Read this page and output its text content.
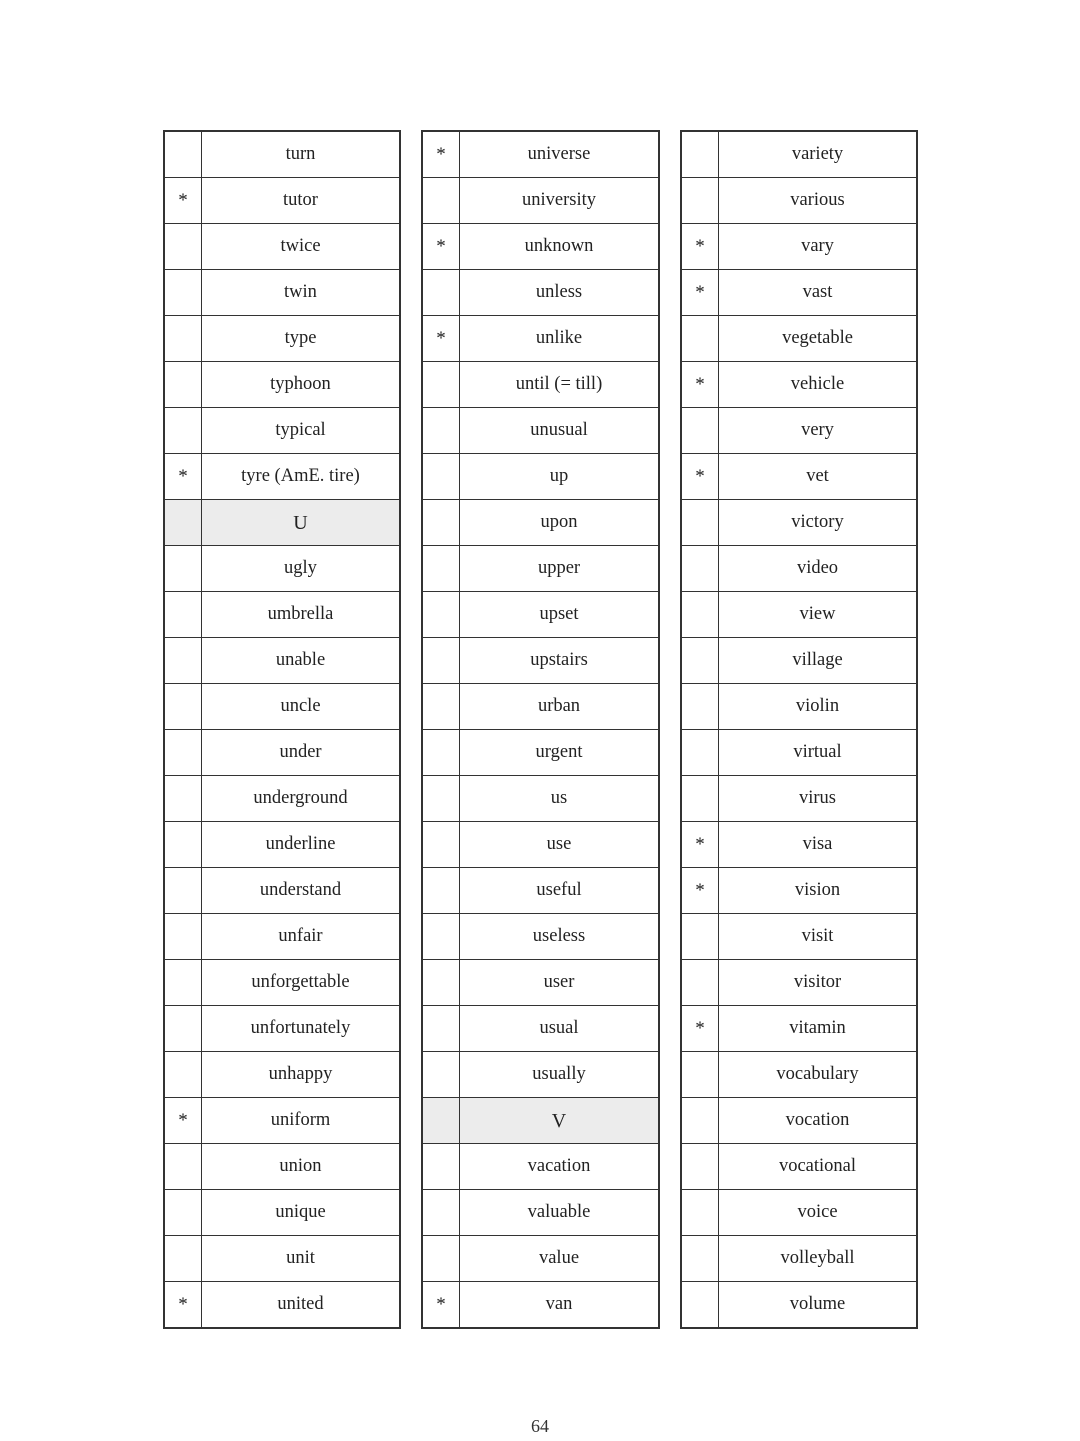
	turn
*	tutor
	twice
	twin
	type
	typhoon
	typical
*	tyre (AmE. tire)
	U
	ugly
	umbrella
	unable
	uncle
	under
	underground
	underline
	understand
	unfair
	unforgettable
	unfortunately
	unhappy
*	uniform
	union
	unique
	unit
*	united
*	universe
	university
*	unknown
	unless
*	unlike
	until (= till)
	unusual
	up
	upon
	upper
	upset
	upstairs
	urban
	urgent
	us
	use
	useful
	useless
	user
	usual
	usually
	V
	vacation
	valuable
	value
*	van
	variety
	various
*	vary
*	vast
	vegetable
*	vehicle
	very
*	vet
	victory
	video
	view
	village
	violin
	virtual
	virus
*	visa
*	vision
	visit
	visitor
*	vitamin
	vocabulary
	vocation
	vocational
	voice
	volleyball
	volume
64
